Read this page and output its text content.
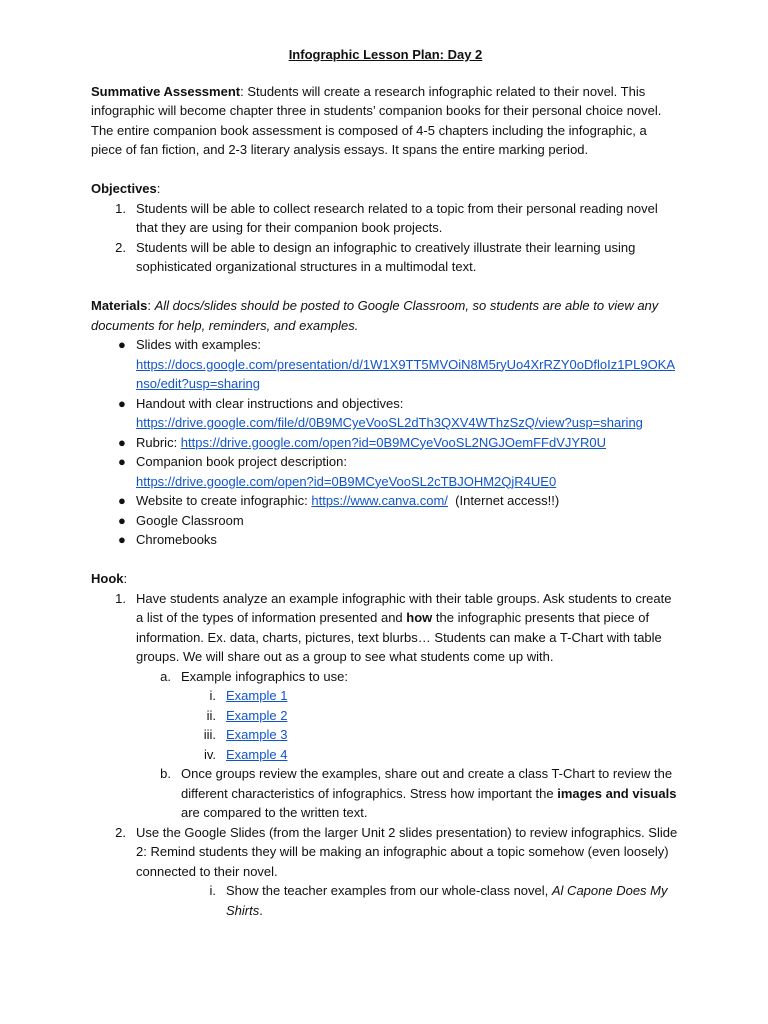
Infographic Lesson Plan: Day 2
Summative Assessment: Students will create a research infographic related to their novel. This infographic will become chapter three in students’ companion books for their personal choice novel. The entire companion book assessment is composed of 4-5 chapters including the infographic, a piece of fan fiction, and 2-3 literary analysis essays. It spans the entire marking period.
Objectives:
1. Students will be able to collect research related to a topic from their personal reading novel that they are using for their companion book projects.
2. Students will be able to design an infographic to creatively illustrate their learning using sophisticated organizational structures in a multimodal text.
Materials: All docs/slides should be posted to Google Classroom, so students are able to view any documents for help, reminders, and examples.
● Slides with examples:
https://docs.google.com/presentation/d/1W1X9TT5MVOiN8M5ryUo4XrRZY0oDfloIz1PL9OKAnso/edit?usp=sharing
● Handout with clear instructions and objectives:
https://drive.google.com/file/d/0B9MCyeVooSL2dTh3QXV4WThzSzQ/view?usp=sharing
● Rubric: https://drive.google.com/open?id=0B9MCyeVooSL2NGJOemFFdVJYR0U
● Companion book project description:
https://drive.google.com/open?id=0B9MCyeVooSL2cTBJOHM2QjR4UE0
● Website to create infographic: https://www.canva.com/  (Internet access!!)
● Google Classroom
● Chromebooks
Hook:
1. Have students analyze an example infographic with their table groups. Ask students to create a list of the types of information presented and how the infographic presents that piece of information. Ex. data, charts, pictures, text blurbs… Students can make a T-Chart with table groups. We will share out as a group to see what students come up with.
a. Example infographics to use:
i. Example 1
ii. Example 2
iii. Example 3
iv. Example 4
b. Once groups review the examples, share out and create a class T-Chart to review the different characteristics of infographics. Stress how important the images and visuals are compared to the written text.
2. Use the Google Slides (from the larger Unit 2 slides presentation) to review infographics. Slide 2: Remind students they will be making an infographic about a topic somehow (even loosely) connected to their novel.
i. Show the teacher examples from our whole-class novel, Al Capone Does My Shirts.
